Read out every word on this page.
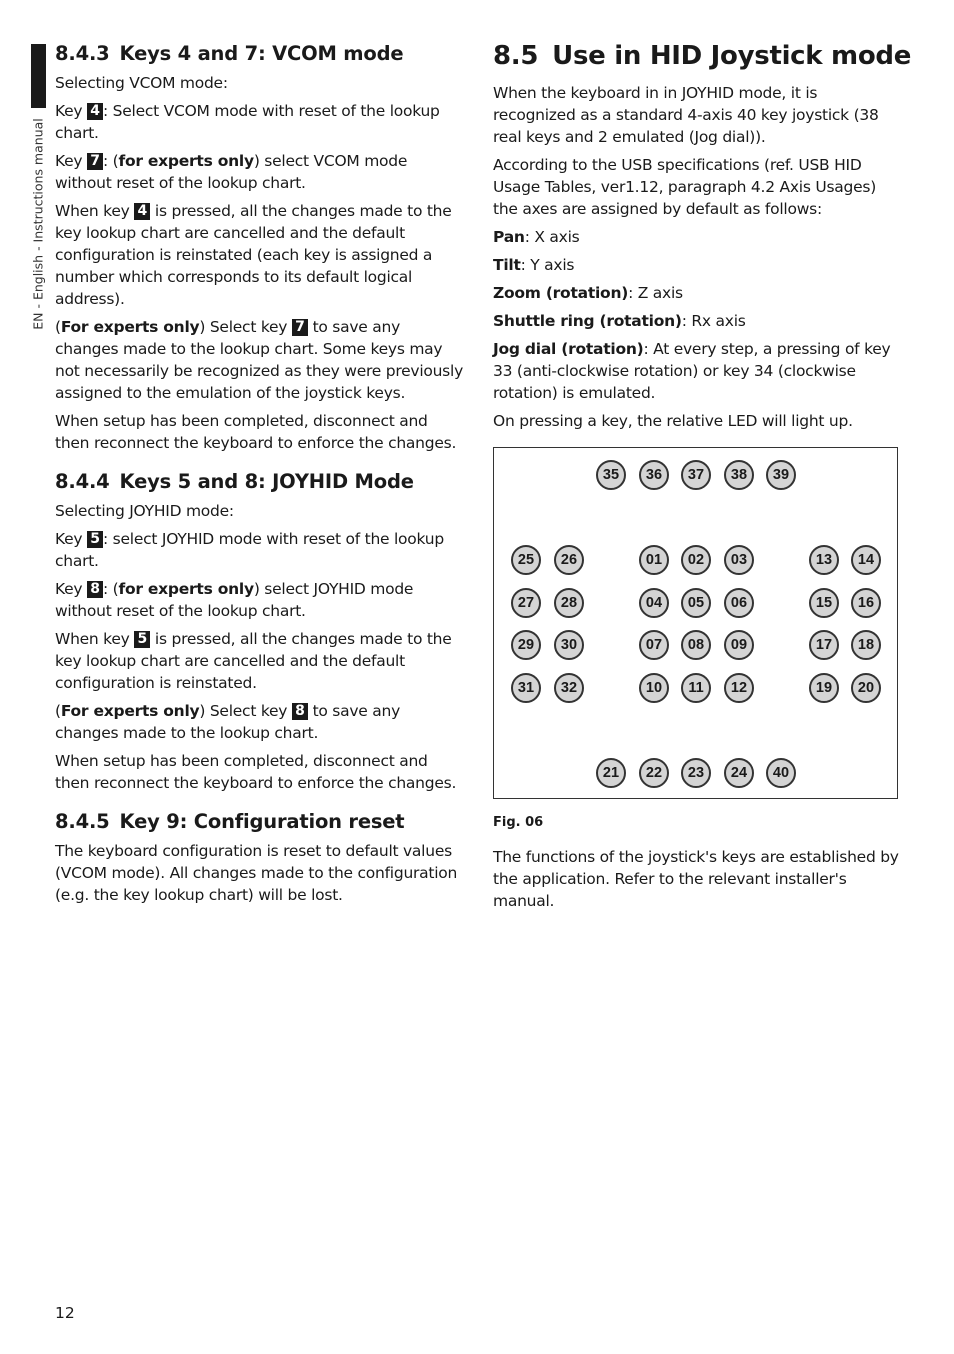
EN - English - Instructions manual
8.4.3 Keys 4 and 7: VCOM mode

Selecting VCOM mode:

Key 4 : Select VCOM mode with reset of the lookup chart.

Key 7 : (for experts only) select VCOM mode without reset of the lookup chart.

When key 4 is pressed, all the changes made to the key lookup chart are cancelled and the default configuration is reinstated (each key is assigned a number which corresponds to its default logical address).

(For experts only) Select key 7 to save any changes made to the lookup chart. Some keys may not necessarily be recognized as they were previously assigned to the emulation of the joystick keys.

When setup has been completed, disconnect and then reconnect the keyboard to enforce the changes.

8.4.4 Keys 5 and 8: JOYHID Mode

Selecting JOYHID mode:

Key 5 : select JOYHID mode with reset of the lookup chart.

Key 8 : (for experts only) select JOYHID mode without reset of the lookup chart.

When key 5 is pressed, all the changes made to the key lookup chart are cancelled and the default configuration is reinstated.

(For experts only) Select key 8 to save any changes made to the lookup chart.

When setup has been completed, disconnect and then reconnect the keyboard to enforce the changes.

8.4.5 Key 9: Configuration reset

The keyboard configuration is reset to default values (VCOM mode). All changes made to the configuration (e.g. the key lookup chart) will be lost.

8.5 Use in HID Joystick mode

When the keyboard in in JOYHID mode, it is recognized as a standard 4-axis 40 key joystick (38 real keys and 2 emulated (Jog dial)).

According to the USB specifications (ref. USB HID Usage Tables, ver1.12, paragraph 4.2 Axis Usages) the axes are assigned by default as follows:

Pan: X axis

Tilt: Y axis

Zoom (rotation): Z axis

Shuttle ring (rotation): Rx axis

Jog dial (rotation): At every step, a pressing of key 33 (anti-clockwise rotation) or key 34 (clockwise rotation) is emulated.

On pressing a key, the relative LED will light up.

35	36	37	38	39
25	26	01	02	03	13	14
27	28	04	05	06	15	16
29	30	07	08	09	17	18
31	32	10	11	12	19	20
21	22	23	24	40
Fig. 06

The functions of the joystick's keys are established by the application. Refer to the relevant installer's manual.

12
